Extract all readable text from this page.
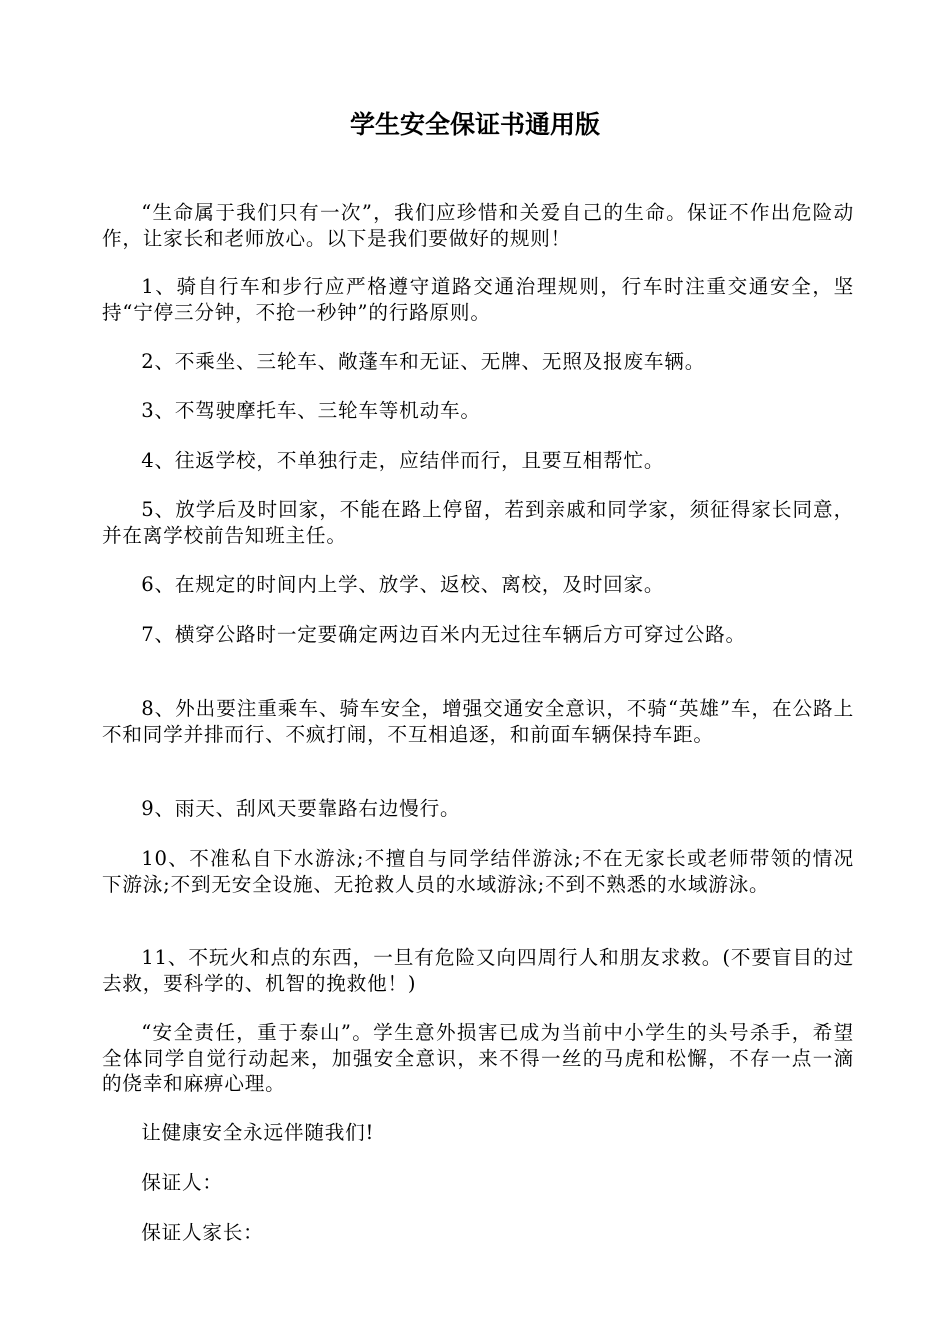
学生安全保证书通用版

“生命属于我们只有一次”，我们应珍惜和关爱自己的生命。保证不作出危险动作，让家长和老师放心。以下是我们要做好的规则！

1、骑自行车和步行应严格遵守道路交通治理规则，行车时注重交通安全，坚持“宁停三分钟，不抢一秒钟”的行路原则。

2、不乘坐、三轮车、敞蓬车和无证、无牌、无照及报废车辆。

3、不驾驶摩托车、三轮车等机动车。

4、往返学校，不单独行走，应结伴而行，且要互相帮忙。

5、放学后及时回家，不能在路上停留，若到亲戚和同学家，须征得家长同意，并在离学校前告知班主任。

6、在规定的时间内上学、放学、返校、离校，及时回家。

7、横穿公路时一定要确定两边百米内无过往车辆后方可穿过公路。

8、外出要注重乘车、骑车安全，增强交通安全意识，不骑“英雄”车，在公路上不和同学并排而行、不疯打闹，不互相追逐，和前面车辆保持车距。

9、雨天、刮风天要靠路右边慢行。

10、不准私自下水游泳;不擅自与同学结伴游泳;不在无家长或老师带领的情况下游泳;不到无安全设施、无抢救人员的水域游泳;不到不熟悉的水域游泳。

11、不玩火和点的东西，一旦有危险又向四周行人和朋友求救。(不要盲目的过去救，要科学的、机智的挽救他！)

“安全责任，重于泰山”。学生意外损害已成为当前中小学生的头号杀手，希望全体同学自觉行动起来，加强安全意识，来不得一丝的马虎和松懈，不存一点一滴的侥幸和麻痹心理。

让健康安全永远伴随我们!

保证人：

保证人家长：
